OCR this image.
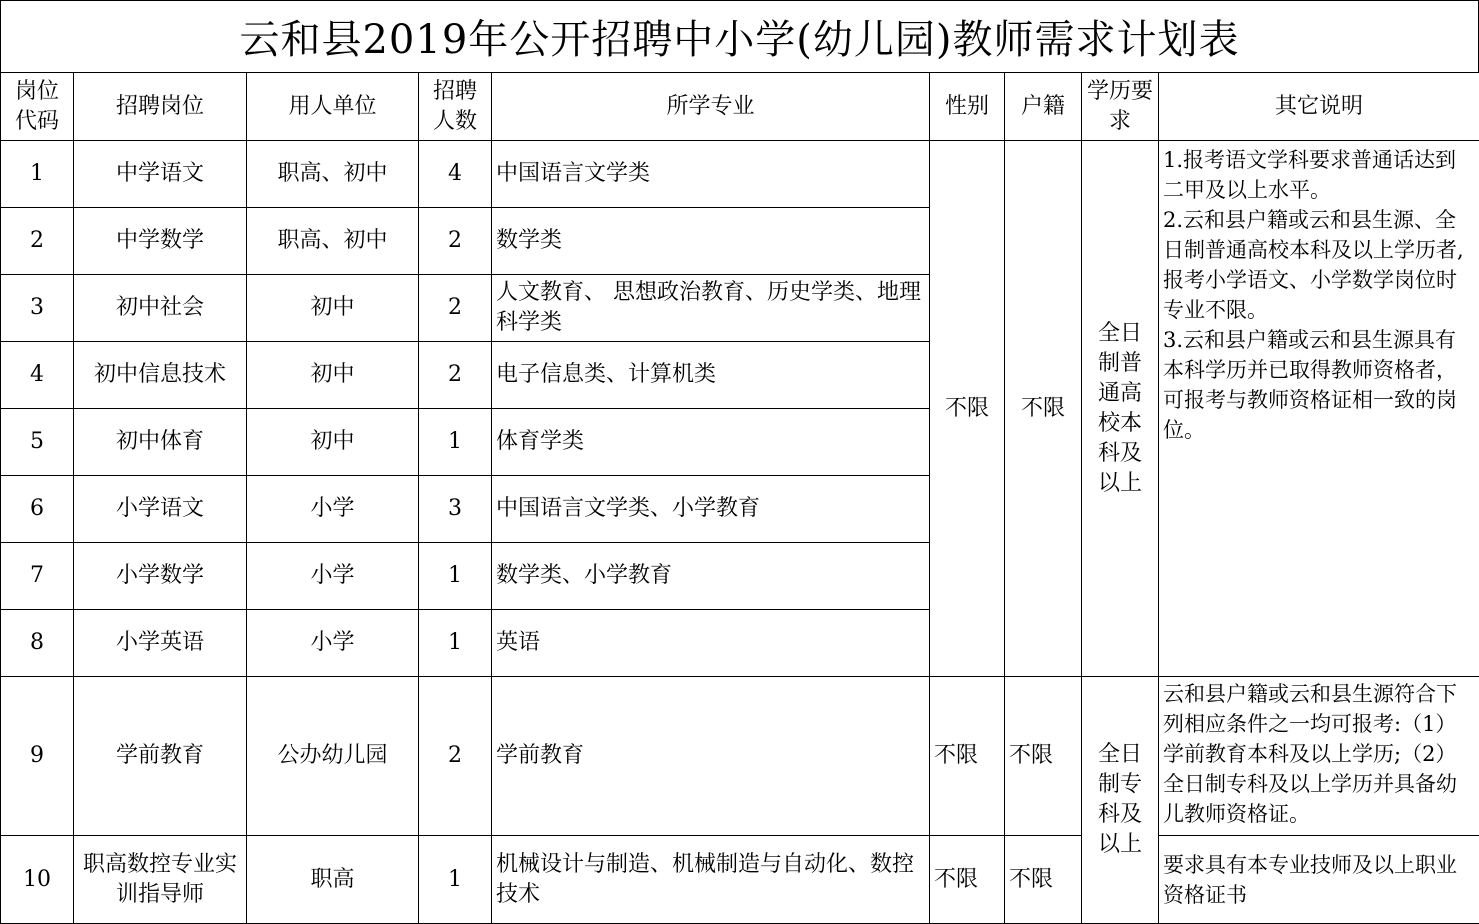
云和县2019年公开招聘中小学(幼儿园)教师需求计划表
岗位代码	招聘岗位	用人单位	招聘人数	所学专业	性别	户籍	学历要求	其它说明
1	中学语文	职高、初中	4	中国语言文学类	不限	不限	全日制普通高校本科及以上	1.报考语文学科要求普通话达到二甲及以上水平。
2.云和县户籍或云和县生源、全日制普通高校本科及以上学历者,报考小学语文、小学数学岗位时专业不限。
3.云和县户籍或云和县生源具有本科学历并已取得教师资格者，可报考与教师资格证相一致的岗位。
2	中学数学	职高、初中	2	数学类				
3	初中社会	初中	2	人文教育、 思想政治教育、历史学类、地理科学类				
4	初中信息技术	初中	2	电子信息类、计算机类				
5	初中体育	初中	1	体育学类				
6	小学语文	小学	3	中国语言文学类、小学教育				
7	小学数学	小学	1	数学类、小学教育				
8	小学英语	小学	1	英语				
9	学前教育	公办幼儿园	2	学前教育	不限	不限	全日制专科及以上	云和县户籍或云和县生源符合下列相应条件之一均可报考:（1）学前教育本科及以上学历;（2）全日制专科及以上学历并具备幼儿教师资格证。
10	职高数控专业实训指导师	职高	1	机械设计与制造、机械制造与自动化、数控技术	不限	不限		要求具有本专业技师及以上职业资格证书
